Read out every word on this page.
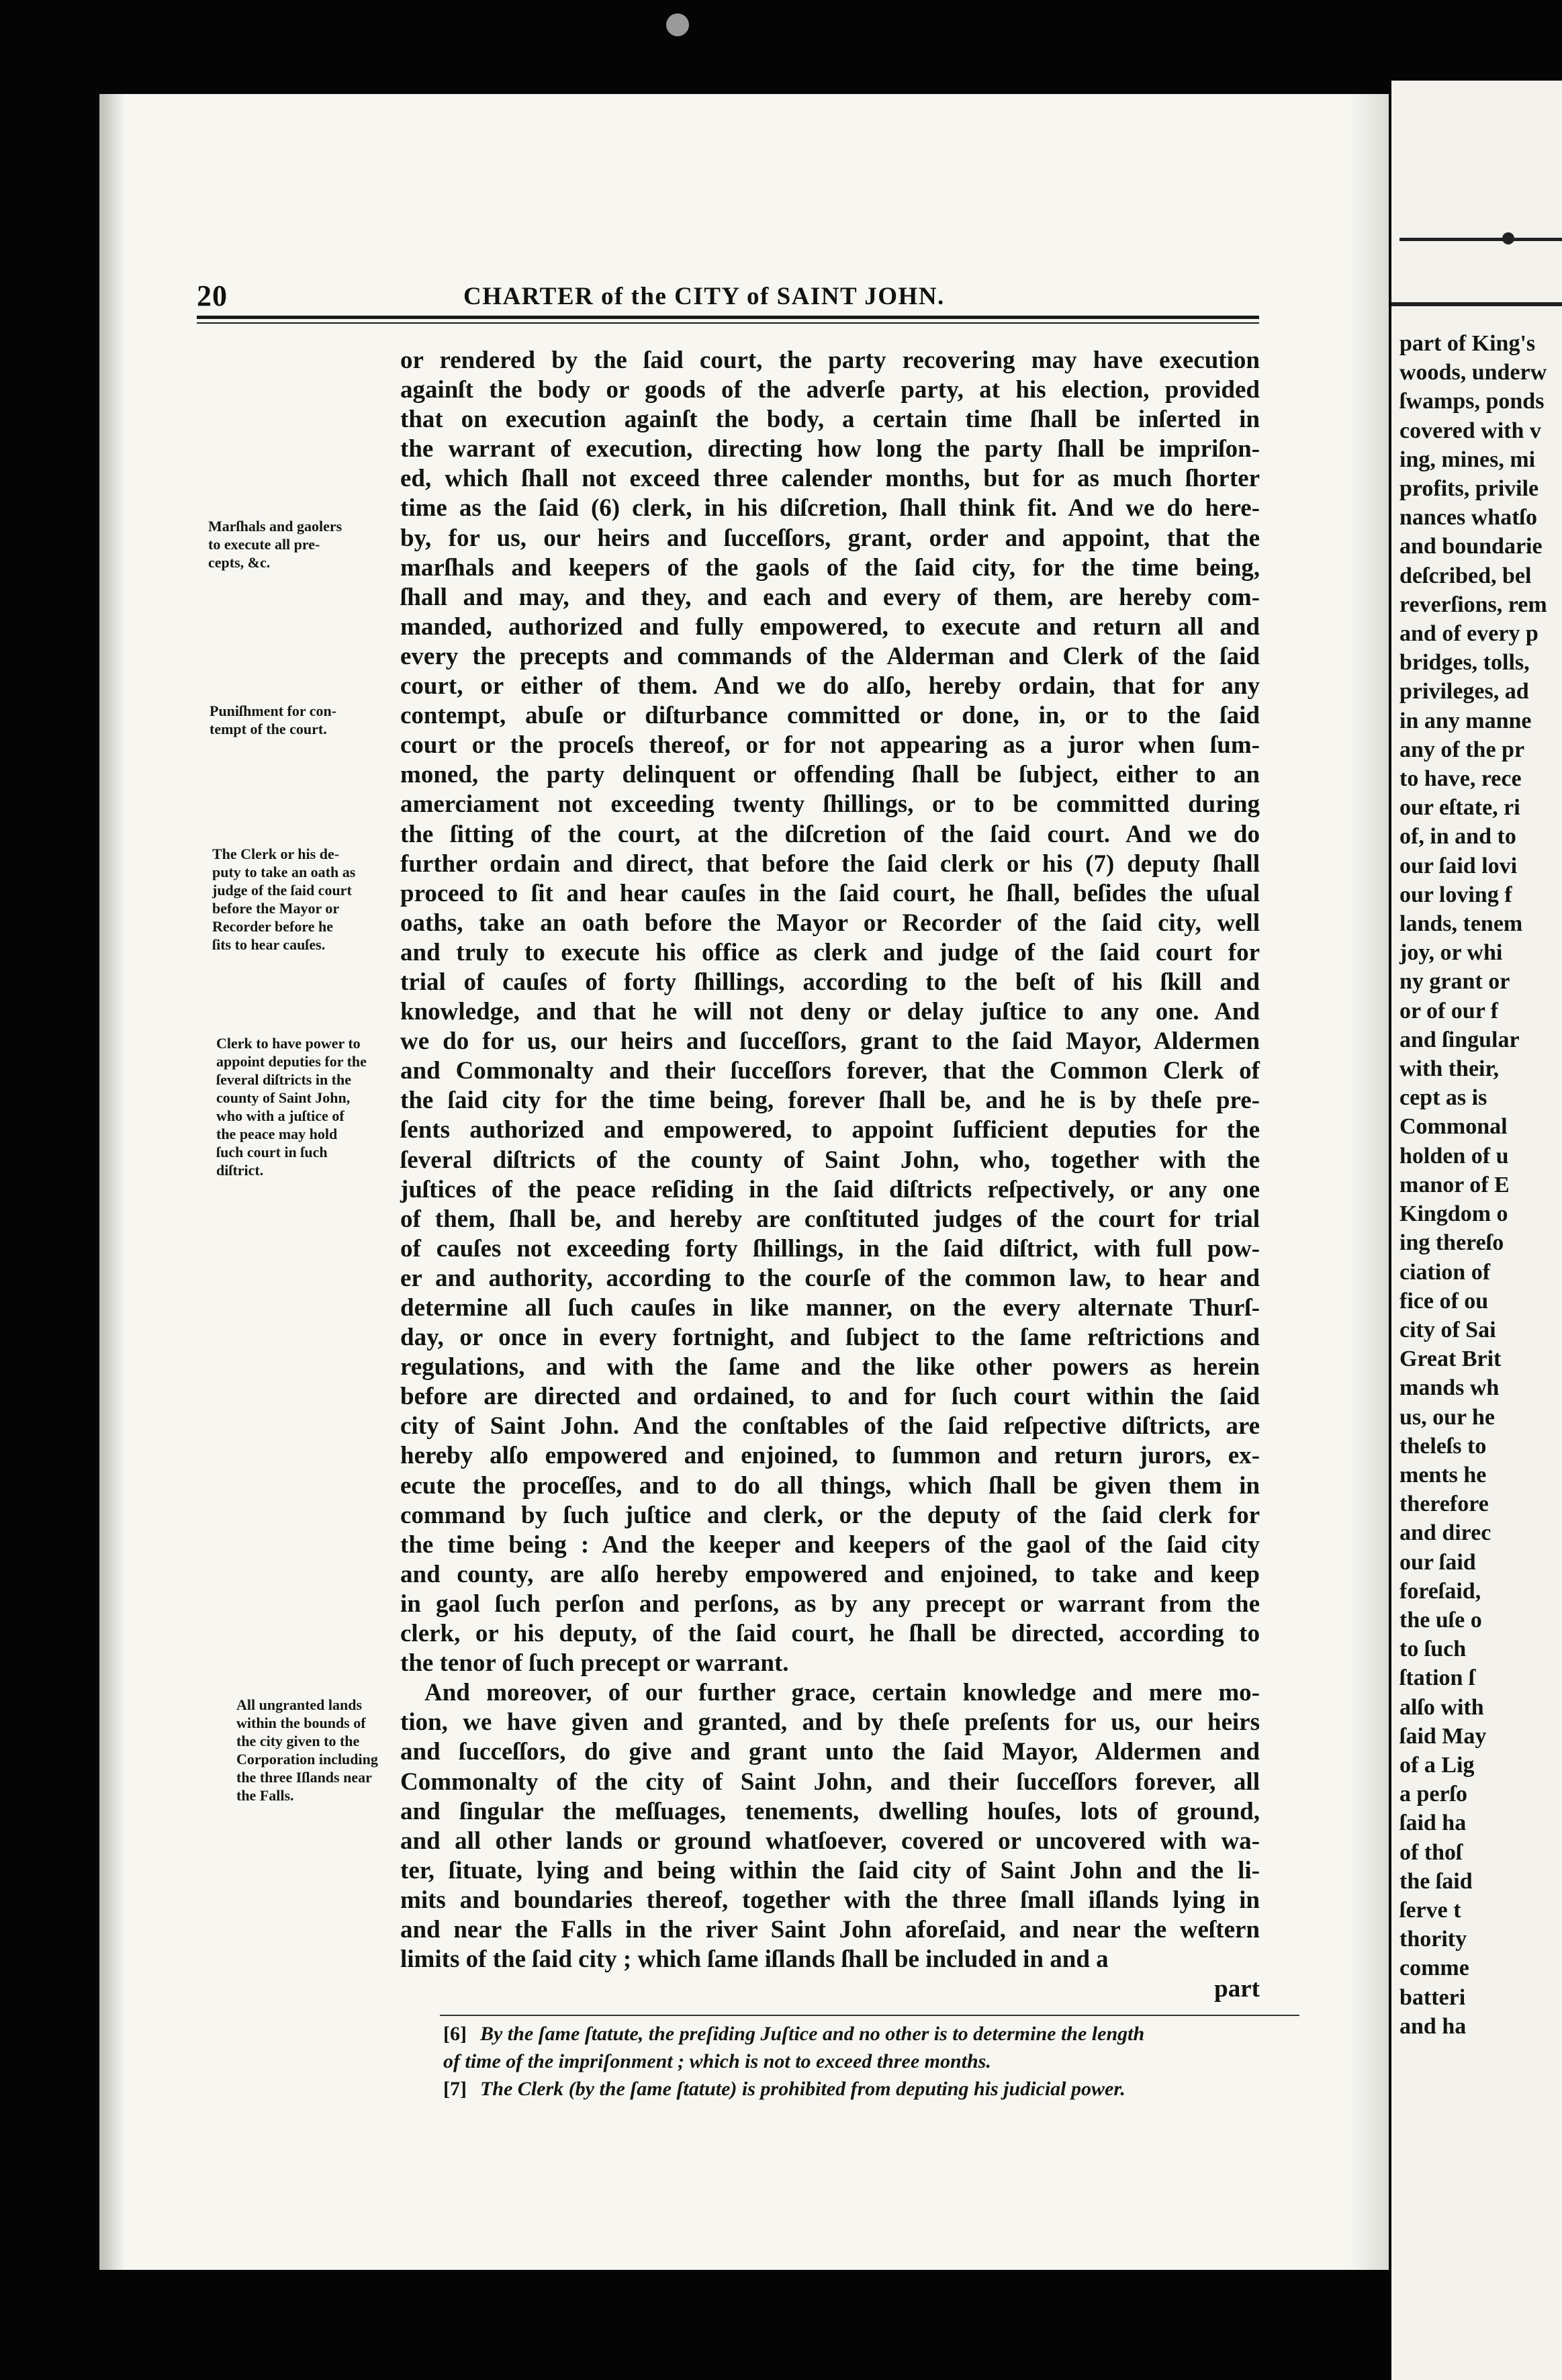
part of King's
woods, underw
ſwamps, ponds
covered with v
ing, mines, mi
profits, privile
nances whatſo
and boundarie
deſcribed, bel
reverſions, rem
and of every p
bridges, tolls,
privileges, ad
in any manne
any of the pr
to have, rece
our eſtate, ri
of, in and to
our ſaid lovi
our loving f
lands, tenem
joy, or whi
ny grant or
or of our f
and ſingular
with their,
cept as is
Commonal
holden of u
manor of E
Kingdom o
ing thereſo
ciation of
fice of ou
city of Sai
Great Brit
mands wh
us, our he
theleſs to
ments he
therefore
and direc
our ſaid
foreſaid,
the uſe o
to ſuch
ſtation ſ
alſo with
ſaid May
of a Lig
a perſo
ſaid ha
of thoſ
the ſaid
ſerve t
thority
comme
batteri
and ha
20	CHARTER of the CITY of SAINT JOHN.
Marſhals and gaolers
to execute all pre-
cepts, &c.
Puniſhment for con-
tempt of the court.
The Clerk or his de-
puty to take an oath as
judge of the ſaid court
before the Mayor or
Recorder before he
ſits to hear cauſes.
Clerk to have power to
appoint deputies for the
ſeveral diſtricts in the
county of Saint John,
who with a juſtice of
the peace may hold
ſuch court in ſuch
diſtrict.
All ungranted lands
within the bounds of
the city given to the
Corporation including
the three Iſlands near
the Falls.
or rendered by the ſaid court, the party recovering may have execution
againſt the body or goods of the adverſe party, at his election, provided
that on execution againſt the body, a certain time ſhall be inſerted in
the warrant of execution, directing how long the party ſhall be impriſon-
ed, which ſhall not exceed three calender months, but for as much ſhorter
time as the ſaid (6) clerk, in his diſcretion, ſhall think fit. And we do here-
by, for us, our heirs and ſucceſſors, grant, order and appoint, that the
marſhals and keepers of the gaols of the ſaid city, for the time being,
ſhall and may, and they, and each and every of them, are hereby com-
manded, authorized and fully empowered, to execute and return all and
every the precepts and commands of the Alderman and Clerk of the ſaid
court, or either of them. And we do alſo, hereby ordain, that for any
contempt, abuſe or diſturbance committed or done, in, or to the ſaid
court or the proceſs thereof, or for not appearing as a juror when ſum-
moned, the party delinquent or offending ſhall be ſubject, either to an
amerciament not exceeding twenty ſhillings, or to be committed during
the ſitting of the court, at the diſcretion of the ſaid court. And we do
further ordain and direct, that before the ſaid clerk or his (7) deputy ſhall
proceed to ſit and hear cauſes in the ſaid court, he ſhall, beſides the uſual
oaths, take an oath before the Mayor or Recorder of the ſaid city, well
and truly to execute his office as clerk and judge of the ſaid court for
trial of cauſes of forty ſhillings, according to the beſt of his ſkill and
knowledge, and that he will not deny or delay juſtice to any one. And
we do for us, our heirs and ſucceſſors, grant to the ſaid Mayor, Aldermen
and Commonalty and their ſucceſſors forever, that the Common Clerk of
the ſaid city for the time being, forever ſhall be, and he is by theſe pre-
ſents authorized and empowered, to appoint ſufficient deputies for the
ſeveral diſtricts of the county of Saint John, who, together with the
juſtices of the peace reſiding in the ſaid diſtricts reſpectively, or any one
of them, ſhall be, and hereby are conſtituted judges of the court for trial
of cauſes not exceeding forty ſhillings, in the ſaid diſtrict, with full pow-
er and authority, according to the courſe of the common law, to hear and
determine all ſuch cauſes in like manner, on the every alternate Thurſ-
day, or once in every fortnight, and ſubject to the ſame reſtrictions and
regulations, and with the ſame and the like other powers as herein
before are directed and ordained, to and for ſuch court within the ſaid
city of Saint John. And the conſtables of the ſaid reſpective diſtricts, are
hereby alſo empowered and enjoined, to ſummon and return jurors, ex-
ecute the proceſſes, and to do all things, which ſhall be given them in
command by ſuch juſtice and clerk, or the deputy of the ſaid clerk for
the time being : And the keeper and keepers of the gaol of the ſaid city
and county, are alſo hereby empowered and enjoined, to take and keep
in gaol ſuch perſon and perſons, as by any precept or warrant from the
clerk, or his deputy, of the ſaid court, he ſhall be directed, according to
the tenor of ſuch precept or warrant.
And moreover, of our further grace, certain knowledge and mere mo-
tion, we have given and granted, and by theſe preſents for us, our heirs
and ſucceſſors, do give and grant unto the ſaid Mayor, Aldermen and
Commonalty of the city of Saint John, and their ſucceſſors forever, all
and ſingular the meſſuages, tenements, dwelling houſes, lots of ground,
and all other lands or ground whatſoever, covered or uncovered with wa-
ter, ſituate, lying and being within the ſaid city of Saint John and the li-
mits and boundaries thereof, together with the three ſmall iſlands lying in
and near the Falls in the river Saint John aforeſaid, and near the weſtern
limits of the ſaid city ; which ſame iſlands ſhall be included in and a
part
[6] By the ſame ſtatute, the preſiding Juſtice and no other is to determine the length
of time of the impriſonment ; which is not to exceed three months.
[7] The Clerk (by the ſame ſtatute) is prohibited from deputing his judicial power.
